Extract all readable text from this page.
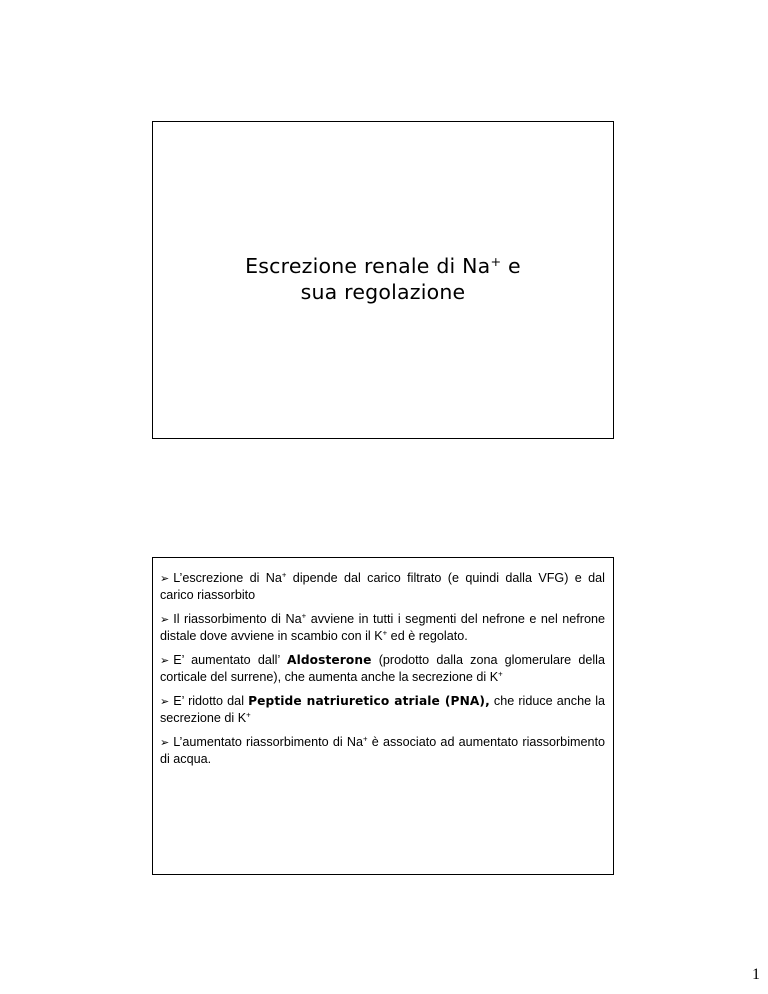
Escrezione renale di Na+ e
sua regolazione
➢ L’escrezione di Na+ dipende dal carico filtrato (e quindi dalla VFG) e dal carico riassorbito
➢ Il riassorbimento di Na+ avviene in tutti i segmenti del nefrone e nel nefrone distale dove avviene in scambio con il K+ ed è regolato.
➢ E’ aumentato dall’ Aldosterone (prodotto dalla zona glomerulare della corticale del surrene), che aumenta anche la secrezione di K+
➢ E’ ridotto dal Peptide natriuretico atriale (PNA), che riduce anche la secrezione di K+
➢ L’aumentato riassorbimento di Na+ è associato ad aumentato riassorbimento di acqua.
1
